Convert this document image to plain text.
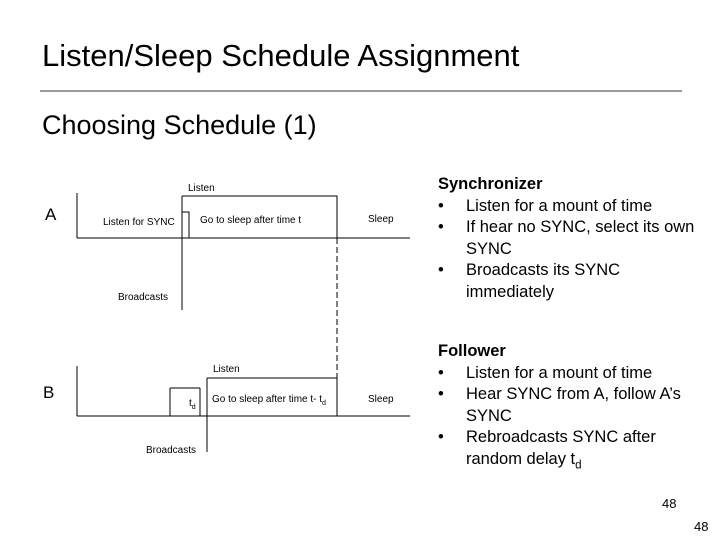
Listen/Sleep Schedule Assignment
Choosing Schedule (1)
A
Listen
Listen for SYNC	Go to sleep after time t	Sleep
Broadcasts
B
Listen
$t_d$
Go to sleep after time t- $t_d$	Sleep
Broadcasts
Synchronizer
•	Listen for a mount of time
•	If hear no SYNC, select its own SYNC
•	Broadcasts its SYNC immediately
Follower
•	Listen for a mount of time
•	Hear SYNC from A, follow A’s SYNC
•	Rebroadcasts SYNC after random delay $t_d$
48
48
